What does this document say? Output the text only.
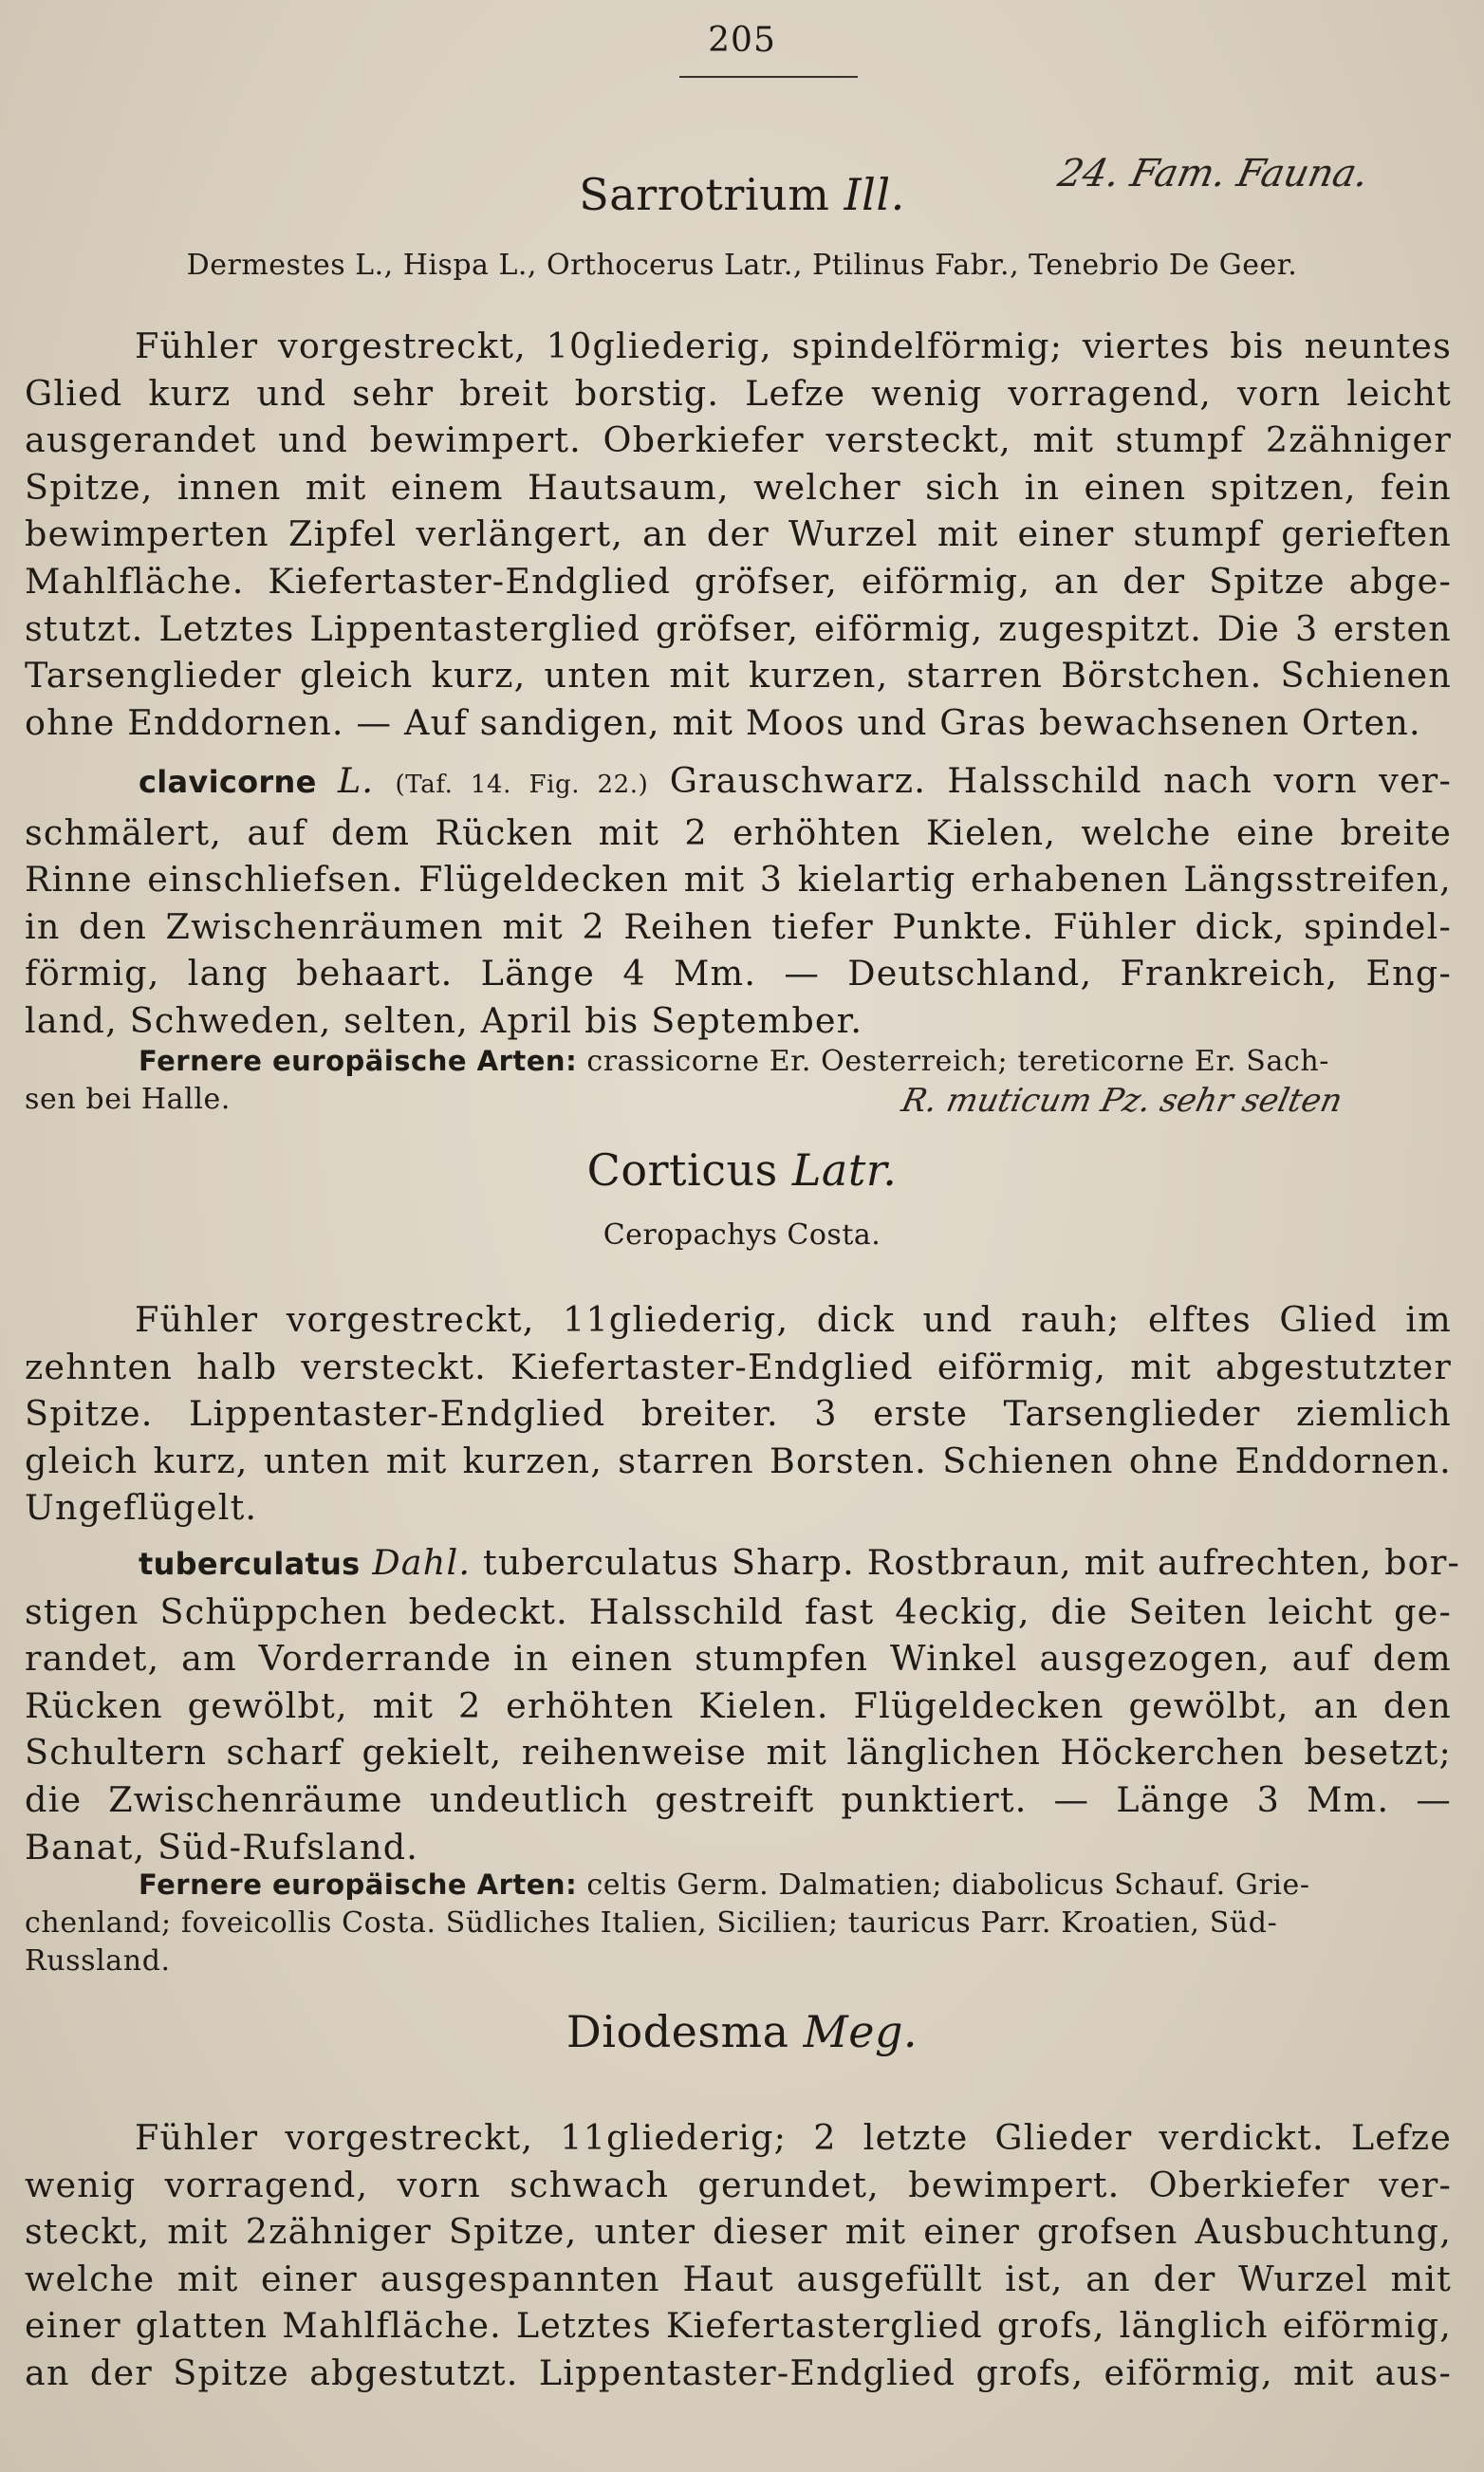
205
24. Fam. Fauna.
Sarrotrium Ill.
Dermestes L., Hispa L., Orthocerus Latr., Ptilinus Fabr., Tenebrio De Geer.
Fühler vorgestreckt, 10gliederig, spindelförmig; viertes bis neuntes
Glied kurz und sehr breit borstig. Lefze wenig vorragend, vorn leicht
ausgerandet und bewimpert. Oberkiefer versteckt, mit stumpf 2zähniger
Spitze, innen mit einem Hautsaum, welcher sich in einen spitzen, fein
bewimperten Zipfel verlängert, an der Wurzel mit einer stumpf gerieften
Mahlfläche. Kiefertaster-Endglied gröfser, eiförmig, an der Spitze abge-
stutzt. Letztes Lippentasterglied gröfser, eiförmig, zugespitzt. Die 3 ersten
Tarsenglieder gleich kurz, unten mit kurzen, starren Börstchen. Schienen
ohne Enddornen. — Auf sandigen, mit Moos und Gras bewachsenen Orten.
clavicorne L. (Taf. 14. Fig. 22.) Grauschwarz. Halsschild nach vorn ver-
schmälert, auf dem Rücken mit 2 erhöhten Kielen, welche eine breite
Rinne einschliefsen. Flügeldecken mit 3 kielartig erhabenen Längsstreifen,
in den Zwischenräumen mit 2 Reihen tiefer Punkte. Fühler dick, spindel-
förmig, lang behaart. Länge 4 Mm. — Deutschland, Frankreich, Eng-
land, Schweden, selten, April bis September.
Fernere europäische Arten: crassicorne Er. Oesterreich; tereticorne Er. Sach-
sen bei Halle.	R. muticum Pz. sehr selten
Corticus Latr.
Ceropachys Costa.
Fühler vorgestreckt, 11gliederig, dick und rauh; elftes Glied im
zehnten halb versteckt. Kiefertaster-Endglied eiförmig, mit abgestutzter
Spitze. Lippentaster-Endglied breiter. 3 erste Tarsenglieder ziemlich
gleich kurz, unten mit kurzen, starren Borsten. Schienen ohne Enddornen.
Ungeflügelt.
tuberculatus Dahl. tuberculatus Sharp. Rostbraun, mit aufrechten, bor-
stigen Schüppchen bedeckt. Halsschild fast 4eckig, die Seiten leicht ge-
randet, am Vorderrande in einen stumpfen Winkel ausgezogen, auf dem
Rücken gewölbt, mit 2 erhöhten Kielen. Flügeldecken gewölbt, an den
Schultern scharf gekielt, reihenweise mit länglichen Höckerchen besetzt;
die Zwischenräume undeutlich gestreift punktiert. — Länge 3 Mm. —
Banat, Süd-Rufsland.
Fernere europäische Arten: celtis Germ. Dalmatien; diabolicus Schauf. Grie-
chenland; foveicollis Costa. Südliches Italien, Sicilien; tauricus Parr. Kroatien, Süd-
Russland.
Diodesma Meg.
Fühler vorgestreckt, 11gliederig; 2 letzte Glieder verdickt. Lefze
wenig vorragend, vorn schwach gerundet, bewimpert. Oberkiefer ver-
steckt, mit 2zähniger Spitze, unter dieser mit einer grofsen Ausbuchtung,
welche mit einer ausgespannten Haut ausgefüllt ist, an der Wurzel mit
einer glatten Mahlfläche. Letztes Kiefertasterglied grofs, länglich eiförmig,
an der Spitze abgestutzt. Lippentaster-Endglied grofs, eiförmig, mit aus-
